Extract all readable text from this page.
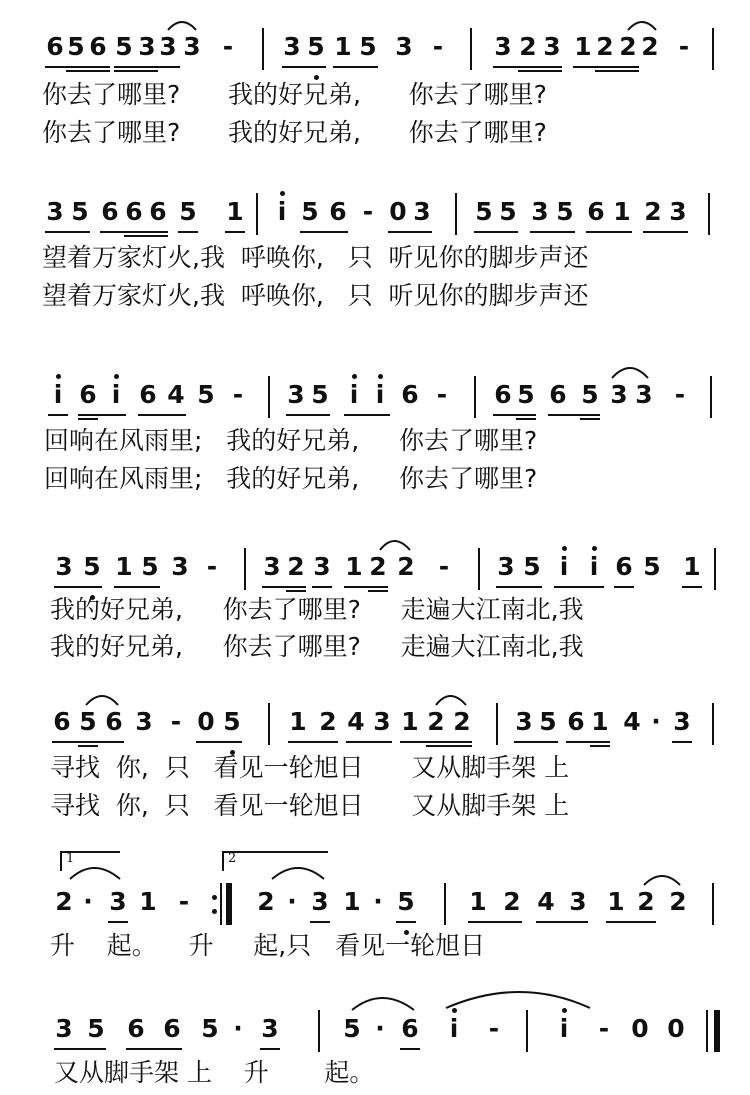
6 5 6 5 3 3 3 - 3 5 1 5 3 - 3 2 3 1 2 2 2 -
你去了哪里?      我的好兄弟,      你去了哪里?
你去了哪里?      我的好兄弟,      你去了哪里?
3 5 6 6 6 5 1 i 5 6 - 0 3 5 5 3 5 6 1 2 3
望着万家灯火,我  呼唤你,   只  听见你的脚步声还
望着万家灯火,我  呼唤你,   只  听见你的脚步声还
i 6 i 6 4 5 - 3 5 i i 6 - 6 5 6 5 3 3 -
回响在风雨里;   我的好兄弟,     你去了哪里?
回响在风雨里;   我的好兄弟,     你去了哪里?
3 5 1 5 3 - 3 2 3 1 2 2 - 3 5 i i 6 5 1
我的好兄弟,     你去了哪里?     走遍大江南北,我
我的好兄弟,     你去了哪里?     走遍大江南北,我
6 5 6 3 - 0 5 1 2 4 3 1 2 2 3 5 6 1 4 · 3
寻找  你,  只   看见一轮旭日      又从脚手架 上
寻找  你,  只   看见一轮旭日      又从脚手架 上
1	2
2 · 3 1 -	2 · 3 1 · 5 1 2 4 3 1 2 2
升    起。    升     起,只   看见一轮旭日
3 5 6 6 5 · 3	5 · 6 i - i - 0 0
又从脚手架 上    升       起。
